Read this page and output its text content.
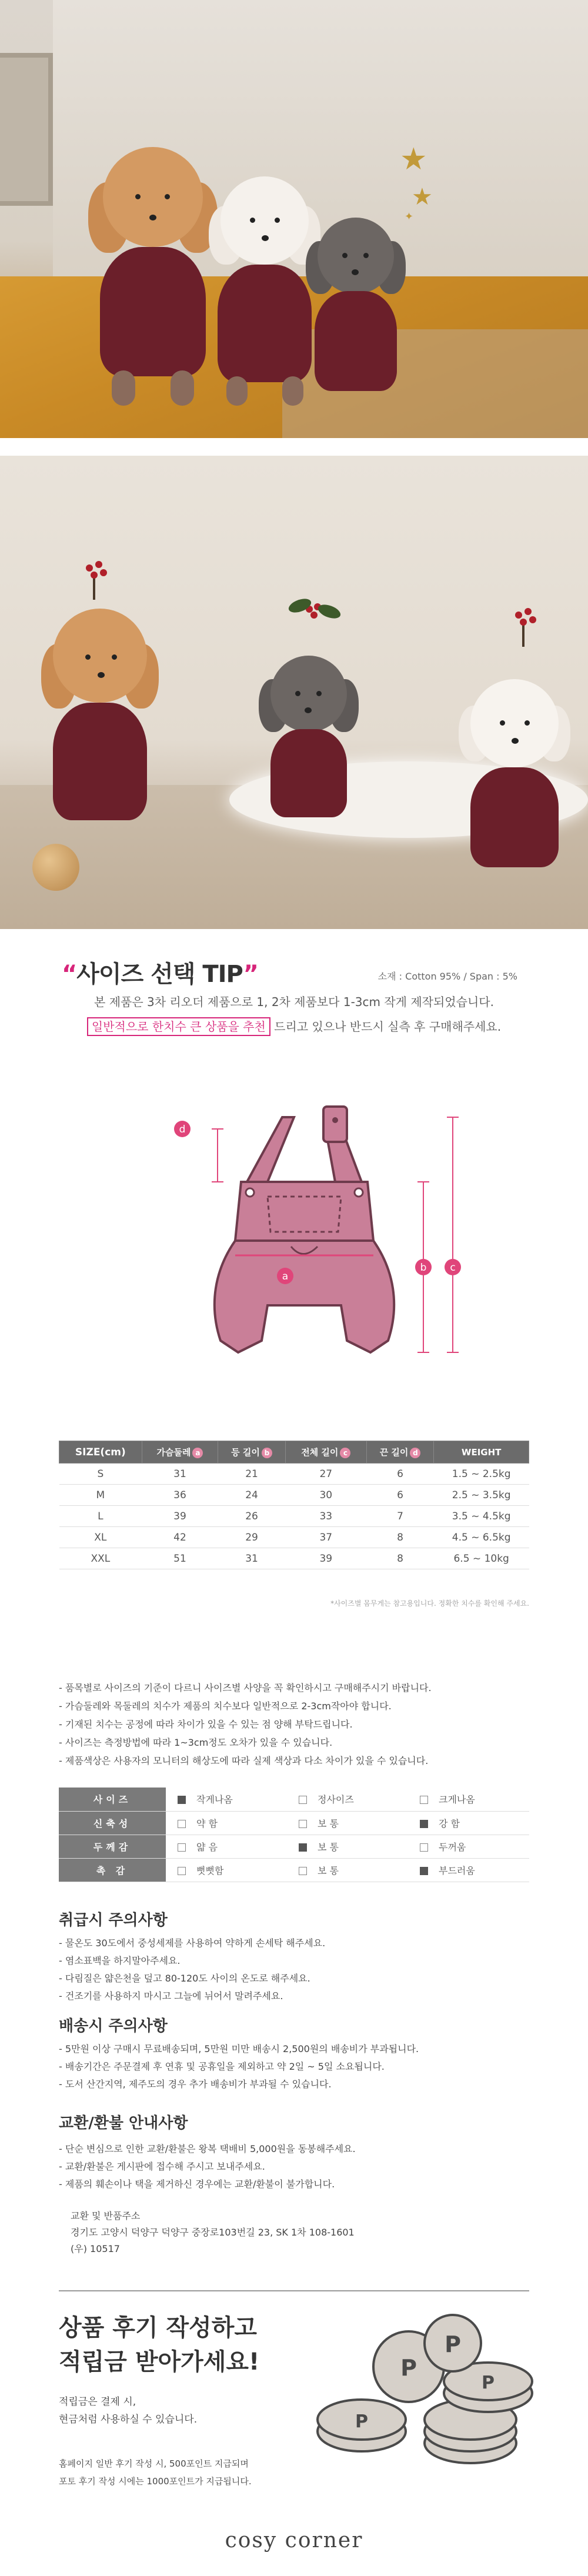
★
★
✦
“사이즈 선택 TIP”	소재 : Cotton 95% / Span : 5%
본 제품은 3차 리오더 제품으로 1, 2차 제품보다 1-3cm 작게 제작되었습니다.
일반적으로 한치수 큰 상품을 추천 드리고 있으나 반드시 실측 후 구매해주세요.
d
a
b c
SIZE(cm)	가슴둘레 a	등 길이 b	전체 길이 c	끈 길이 d	WEIGHT
S	31	21	27	6	1.5 ~ 2.5kg
M	36	24	30	6	2.5 ~ 3.5kg
L	39	26	33	7	3.5 ~ 4.5kg
XL	42	29	37	8	4.5 ~ 6.5kg
XXL	51	31	39	8	6.5 ~ 10kg
*사이즈별 몸무게는 참고용입니다. 정확한 치수를 확인해 주세요.
- 품목별로 사이즈의 기준이 다르니 사이즈별 사양을 꼭 확인하시고 구매해주시기 바랍니다.
- 가슴둘레와 목둘레의 치수가 제품의 치수보다 일반적으로 2-3cm작아야 합니다.
- 기재된 치수는 공정에 따라 차이가 있을 수 있는 점 양해 부탁드립니다.
- 사이즈는 측정방법에 따라 1~3cm정도 오차가 있을 수 있습니다.
- 제품색상은 사용자의 모니터의 해상도에 따라 실제 색상과 다소 차이가 있을 수 있습니다.
사이즈	작게나옴	정사이즈	크게나옴
신축성	약 함	보 통	강 함
두께감	얇 음	보 통	두꺼움
촉 감	뻣뻣함	보 통	부드러움
취급시 주의사항
- 물온도 30도에서 중성세제를 사용하여 약하게 손세탁 해주세요.
- 염소표백을 하지말아주세요.
- 다림질은 얇은천을 덮고 80-120도 사이의 온도로 해주세요.
- 건조기를 사용하지 마시고 그늘에 뉘어서 말려주세요.
배송시 주의사항
- 5만원 이상 구매시 무료배송되며, 5만원 미만 배송시 2,500원의 배송비가 부과됩니다.
- 배송기간은 주문결제 후 연휴 및 공휴일을 제외하고 약 2일 ~ 5일 소요됩니다.
- 도서 산간지역, 제주도의 경우 추가 배송비가 부과될 수 있습니다.
교환/환불 안내사항
- 단순 변심으로 인한 교환/환불은 왕복 택배비 5,000원을 동봉해주세요.
- 교환/환불은 게시판에 접수해 주시고 보내주세요.
- 제품의 훼손이나 택을 제거하신 경우에는 교환/환불이 불가합니다.
교환 및 반품주소
경기도 고양시 덕양구 덕양구 중장로103번길 23, SK 1차 108-1601
(우) 10517
상품 후기 작성하고
적립금 받아가세요!
적립금은 결제 시,
현금처럼 사용하실 수 있습니다.
홈페이지 일반 후기 작성 시, 500포인트 지급되며
포토 후기 작성 시에는 1000포인트가 지급됩니다.
P
P
P
P
cosy corner
